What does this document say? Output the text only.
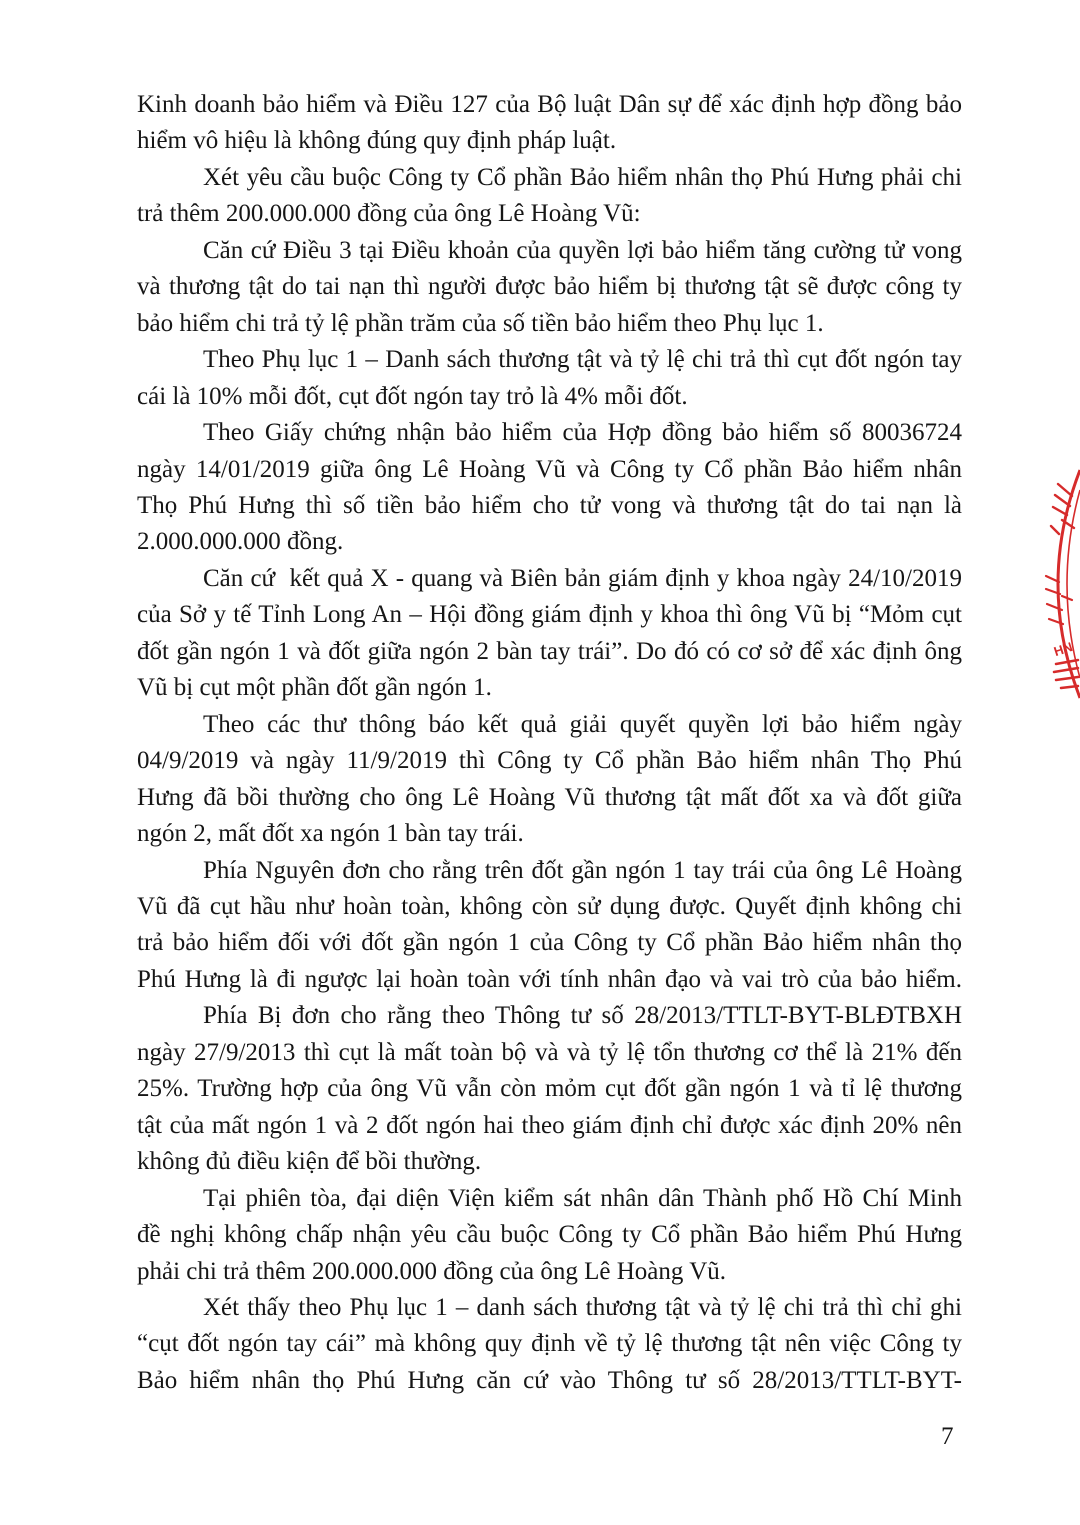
Kinh doanh bảo hiểm và Điều 127 của Bộ luật Dân sự để xác định hợp đồng bảo
hiểm vô hiệu là không đúng quy định pháp luật.
Xét yêu cầu buộc Công ty Cổ phần Bảo hiểm nhân thọ Phú Hưng phải chi
trả thêm 200.000.000 đồng của ông Lê Hoàng Vũ:
Căn cứ Điều 3 tại Điều khoản của quyền lợi bảo hiểm tăng cường tử vong
và thương tật do tai nạn thì người được bảo hiểm bị thương tật sẽ được công ty
bảo hiểm chi trả tỷ lệ phần trăm của số tiền bảo hiểm theo Phụ lục 1.
Theo Phụ lục 1 – Danh sách thương tật và tỷ lệ chi trả thì cụt đốt ngón tay
cái là 10% mỗi đốt, cụt đốt ngón tay trỏ là 4% mỗi đốt.
Theo Giấy chứng nhận bảo hiểm của Hợp đồng bảo hiểm số 80036724
ngày 14/01/2019 giữa ông Lê Hoàng Vũ và Công ty Cổ phần Bảo hiểm nhân
Thọ Phú Hưng thì số tiền bảo hiểm cho tử vong và thương tật do tai nạn là
2.000.000.000 đồng.
Căn cứ  kết quả X - quang và Biên bản giám định y khoa ngày 24/10/2019
của Sở y tế Tỉnh Long An – Hội đồng giám định y khoa thì ông Vũ bị “Mỏm cụt
đốt gần ngón 1 và đốt giữa ngón 2 bàn tay trái”. Do đó có cơ sở để xác định ông
Vũ bị cụt một phần đốt gần ngón 1.
Theo các thư thông báo kết quả giải quyết quyền lợi bảo hiểm ngày
04/9/2019 và ngày 11/9/2019 thì Công ty Cổ phần Bảo hiểm nhân Thọ Phú
Hưng đã bồi thường cho ông Lê Hoàng Vũ thương tật mất đốt xa và đốt giữa
ngón 2, mất đốt xa ngón 1 bàn tay trái.
Phía Nguyên đơn cho rằng trên đốt gần ngón 1 tay trái của ông Lê Hoàng
Vũ đã cụt hầu như hoàn toàn, không còn sử dụng được. Quyết định không chi
trả bảo hiểm đối với đốt gần ngón 1 của Công ty Cổ phần Bảo hiểm nhân thọ
Phú Hưng là đi ngược lại hoàn toàn với tính nhân đạo và vai trò của bảo hiểm.
Phía Bị đơn cho rằng theo Thông tư số 28/2013/TTLT-BYT-BLĐTBXH
ngày 27/9/2013 thì cụt là mất toàn bộ và và tỷ lệ tổn thương cơ thể là 21% đến
25%. Trường hợp của ông Vũ vẫn còn mỏm cụt đốt gần ngón 1 và tỉ lệ thương
tật của mất ngón 1 và 2 đốt ngón hai theo giám định chỉ được xác định 20% nên
không đủ điều kiện để bồi thường.
Tại phiên tòa, đại diện Viện kiểm sát nhân dân Thành phố Hồ Chí Minh
đề nghị không chấp nhận yêu cầu buộc Công ty Cổ phần Bảo hiểm Phú Hưng
phải chi trả thêm 200.000.000 đồng của ông Lê Hoàng Vũ.
Xét thấy theo Phụ lục 1 – danh sách thương tật và tỷ lệ chi trả thì chỉ ghi
“cụt đốt ngón tay cái” mà không quy định về tỷ lệ thương tật nên việc Công ty
Bảo hiểm nhân thọ Phú Hưng căn cứ vào Thông tư số 28/2013/TTLT-BYT-
7
HN
